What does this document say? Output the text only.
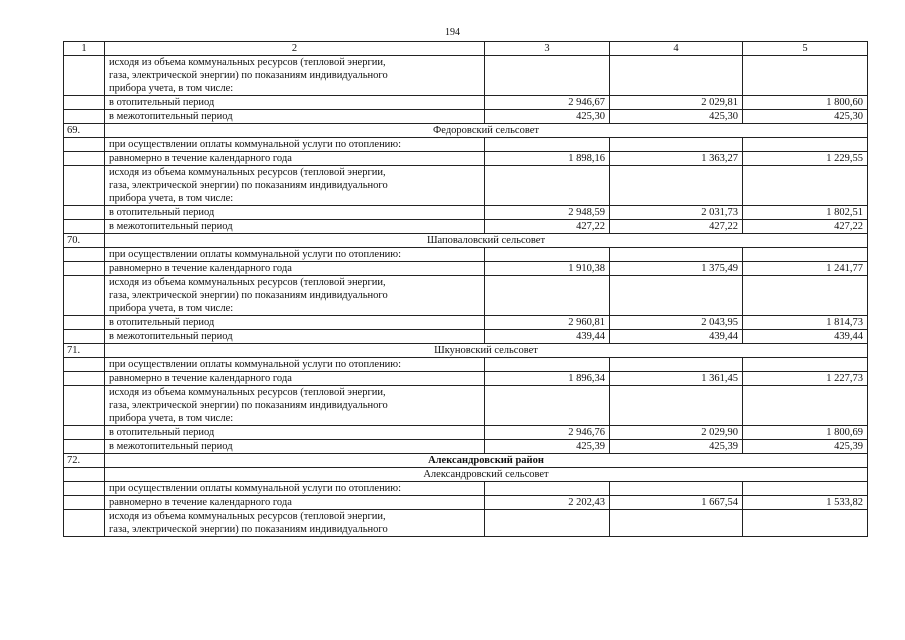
194
1	2	3	4	5

	исходя из объема коммунальных ресурсов (тепловой энергии,
газа, электрической энергии) по показаниям индивидуального
прибора учета, в том числе:			

	в отопительный период	2 946,67	2 029,81	1 800,60
	в межотопительный период	425,30	425,30	425,30
69.	Федоровский сельсовет			
	при осуществлении оплаты коммунальной услуги по отоплению:			
	равномерно в течение календарного года	1 898,16	1 363,27	1 229,55

	исходя из объема коммунальных ресурсов (тепловой энергии,
газа, электрической энергии) по показаниям индивидуального
прибора учета, в том числе:			

	в отопительный период	2 948,59	2 031,73	1 802,51
	в межотопительный период	427,22	427,22	427,22
70.	Шаповаловский сельсовет			
	при осуществлении оплаты коммунальной услуги по отоплению:			
	равномерно в течение календарного года	1 910,38	1 375,49	1 241,77

	исходя из объема коммунальных ресурсов (тепловой энергии,
газа, электрической энергии) по показаниям индивидуального
прибора учета, в том числе:			

	в отопительный период	2 960,81	2 043,95	1 814,73
	в межотопительный период	439,44	439,44	439,44
71.	Шкуновский сельсовет			
	при осуществлении оплаты коммунальной услуги по отоплению:			
	равномерно в течение календарного года	1 896,34	1 361,45	1 227,73

	исходя из объема коммунальных ресурсов (тепловой энергии,
газа, электрической энергии) по показаниям индивидуального
прибора учета, в том числе:			

	в отопительный период	2 946,76	2 029,90	1 800,69
	в межотопительный период	425,39	425,39	425,39
72.	Александровский район			
	Александровский сельсовет			
	при осуществлении оплаты коммунальной услуги по отоплению:			
	равномерно в течение календарного года	2 202,43	1 667,54	1 533,82

	исходя из объема коммунальных ресурсов (тепловой энергии,
газа, электрической энергии) по показаниям индивидуального			
